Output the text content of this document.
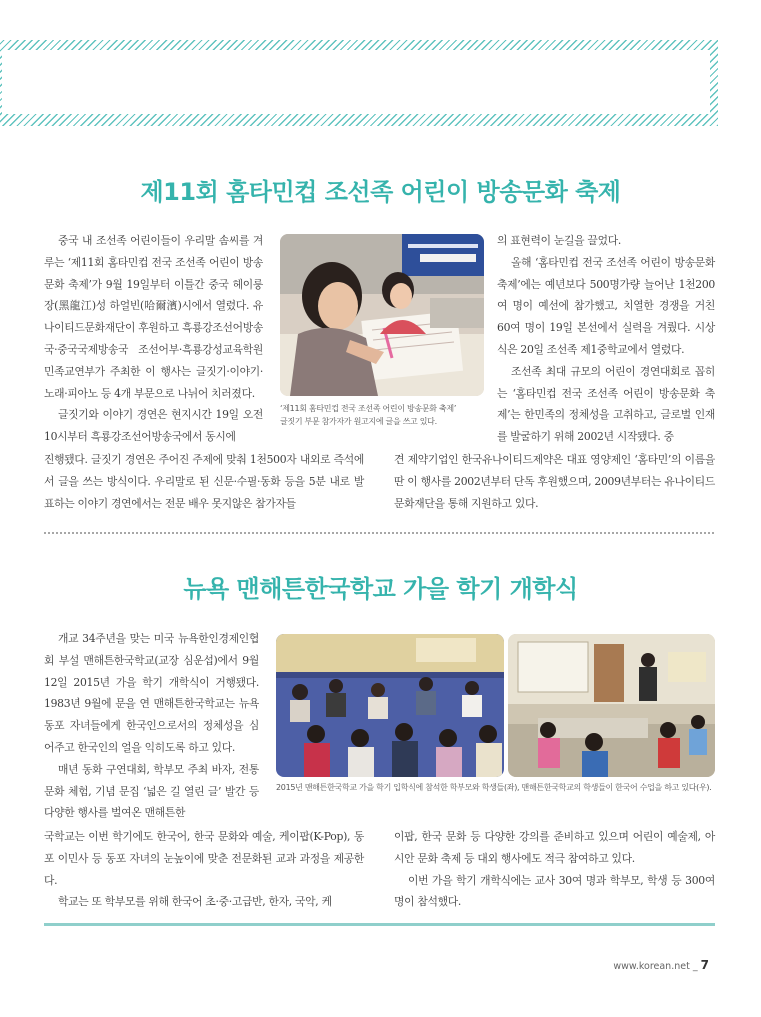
제11회 홈타민컵 조선족 어린이 방송문화 축제

중국 내 조선족 어린이들이 우리말 솜씨를 겨루는 ‘제11회 홈타민컵 전국 조선족 어린이 방송문화 축제’가 9월 19일부터 이틀간 중국 헤이룽장(黑龍江)성 하얼빈(哈爾濱)시에서 열렸다. 유나이티드문화재단이 후원하고 흑룡강조선어방송국·중국국제방송국 조선어부·흑룡강성교육학원민족교연부가 주최한 이 행사는 글짓기·이야기·노래·피아노 등 4개 부문으로 나뉘어 치러졌다.

글짓기와 이야기 경연은 현지시간 19일 오전 10시부터 흑룡강조선어방송국에서 동시에

‘제11회 홈타민컵 전국 조선족 어린이 방송문화 축제’
글짓기 부문 참가자가 원고지에 글을 쓰고 있다.

진행됐다. 글짓기 경연은 주어진 주제에 맞춰 1천500자 내외로 즉석에서 글을 쓰는 방식이다. 우리말로 된 신문·수필·동화 등을 5분 내로 발표하는 이야기 경연에서는 전문 배우 못지않은 참가자들

의 표현력이 눈길을 끌었다.

올해 ‘홈타민컵 전국 조선족 어린이 방송문화 축제’에는 예년보다 500명가량 늘어난 1천200여 명이 예선에 참가했고, 치열한 경쟁을 거친 60여 명이 19일 본선에서 실력을 겨뤘다. 시상식은 20일 조선족 제1중학교에서 열렸다.

조선족 최대 규모의 어린이 경연대회로 꼽히는 ‘홈타민컵 전국 조선족 어린이 방송문화 축제’는 한민족의 정체성을 고취하고, 글로벌 인재를 발굴하기 위해 2002년 시작됐다. 중

견 제약기업인 한국유나이티드제약은 대표 영양제인 ‘홈타민’의 이름을 딴 이 행사를 2002년부터 단독 후원했으며, 2009년부터는 유나이티드문화재단을 통해 지원하고 있다.

뉴욕 맨해튼한국학교 가을 학기 개학식

개교 34주년을 맞는 미국 뉴욕한인경제인협회 부설 맨해튼한국학교(교장 심운섭)에서 9월 12일 2015년 가을 학기 개학식이 거행됐다. 1983년 9월에 문을 연 맨해튼한국학교는 뉴욕 동포 자녀들에게 한국인으로서의 정체성을 심어주고 한국인의 얼을 익히도록 하고 있다.

매년 동화 구연대회, 학부모 주최 바자, 전통문화 체험, 기념 문집 ‘넓은 길 열린 글’ 발간 등 다양한 행사를 벌여온 맨해튼한

2015년 맨해튼한국학교 가을 학기 입학식에 참석한 학부모와 학생들(좌), 맨해튼한국학교의 학생들이 한국어 수업을 하고 있다(우).

국학교는 이번 학기에도 한국어, 한국 문화와 예술, 케이팝(K-Pop), 동포 이민사 등 동포 자녀의 눈높이에 맞춘 전문화된 교과 과정을 제공한다.

학교는 또 학부모를 위해 한국어 초·중·고급반, 한자, 국악, 케

이팝, 한국 문화 등 다양한 강의를 준비하고 있으며 어린이 예술제, 아시안 문화 축제 등 대외 행사에도 적극 참여하고 있다.

이번 가을 학기 개학식에는 교사 30여 명과 학부모, 학생 등 300여 명이 참석했다.

www.korean.net _ 7
